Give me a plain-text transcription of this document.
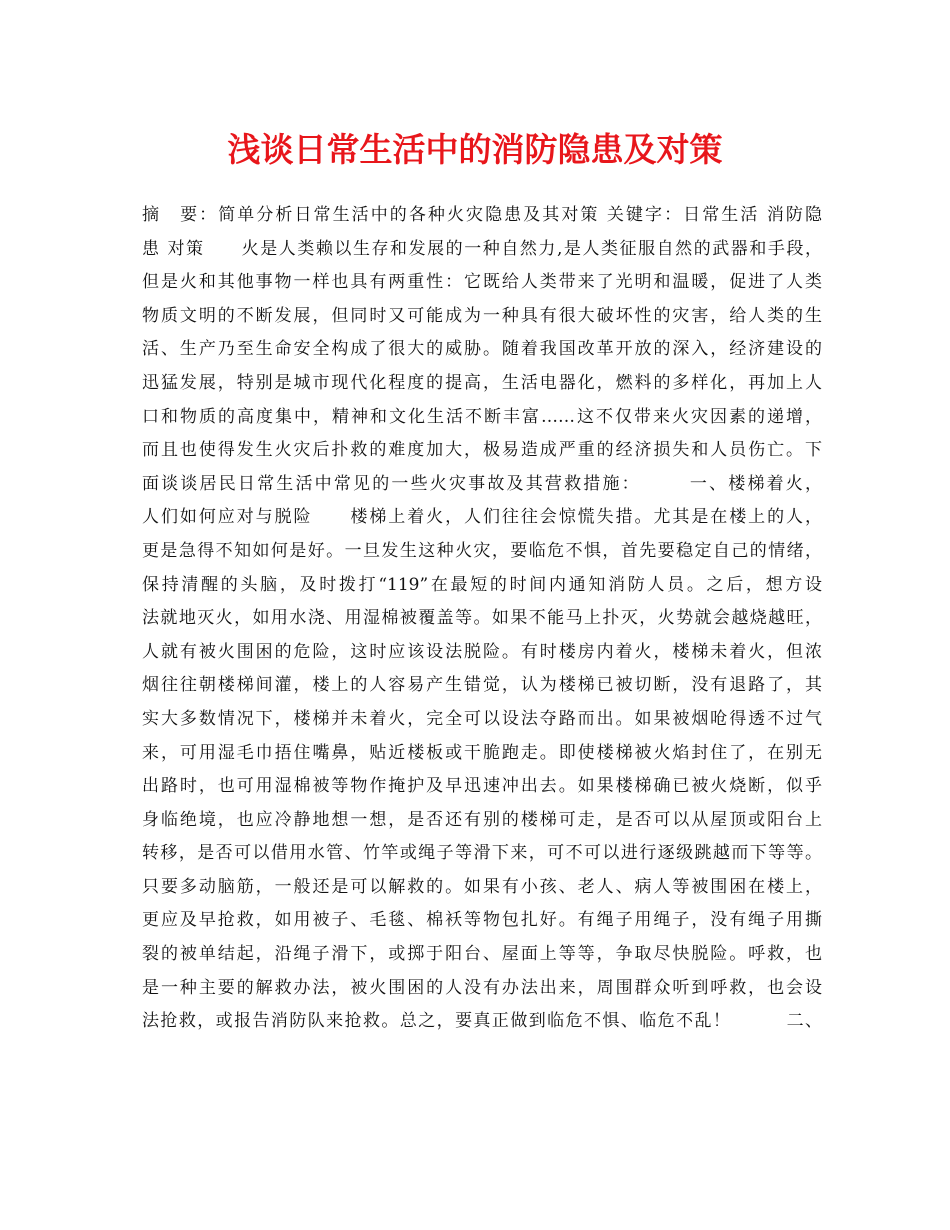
浅谈日常生活中的消防隐患及对策
摘　要：简单分析日常生活中的各种火灾隐患及其对策 关键字：日常生活 消防隐
患 对策　　火是人类赖以生存和发展的一种自然力,是人类征服自然的武器和手段，
但是火和其他事物一样也具有两重性：它既给人类带来了光明和温暖，促进了人类
物质文明的不断发展，但同时又可能成为一种具有很大破坏性的灾害，给人类的生
活、生产乃至生命安全构成了很大的威胁。随着我国改革开放的深入，经济建设的
迅猛发展，特别是城市现代化程度的提高，生活电器化，燃料的多样化，再加上人
口和物质的高度集中，精神和文化生活不断丰富……这不仅带来火灾因素的递增，
而且也使得发生火灾后扑救的难度加大，极易造成严重的经济损失和人员伤亡。下
面谈谈居民日常生活中常见的一些火灾事故及其营救措施：　　　一、楼梯着火，
人们如何应对与脱险　　楼梯上着火，人们往往会惊慌失措。尤其是在楼上的人，
更是急得不知如何是好。一旦发生这种火灾，要临危不惧，首先要稳定自己的情绪，
保持清醒的头脑，及时拨打“119”在最短的时间内通知消防人员。之后，想方设
法就地灭火，如用水浇、用湿棉被覆盖等。如果不能马上扑灭，火势就会越烧越旺，
人就有被火围困的危险，这时应该设法脱险。有时楼房内着火，楼梯未着火，但浓
烟往往朝楼梯间灌，楼上的人容易产生错觉，认为楼梯已被切断，没有退路了，其
实大多数情况下，楼梯并未着火，完全可以设法夺路而出。如果被烟呛得透不过气
来，可用湿毛巾捂住嘴鼻，贴近楼板或干脆跑走。即使楼梯被火焰封住了，在别无
出路时，也可用湿棉被等物作掩护及早迅速冲出去。如果楼梯确已被火烧断，似乎
身临绝境，也应冷静地想一想，是否还有别的楼梯可走，是否可以从屋顶或阳台上
转移，是否可以借用水管、竹竿或绳子等滑下来，可不可以进行逐级跳越而下等等。
只要多动脑筋，一般还是可以解救的。如果有小孩、老人、病人等被围困在楼上，
更应及早抢救，如用被子、毛毯、棉袄等物包扎好。有绳子用绳子，没有绳子用撕
裂的被单结起，沿绳子滑下，或掷于阳台、屋面上等等，争取尽快脱险。呼救，也
是一种主要的解救办法，被火围困的人没有办法出来，周围群众听到呼救，也会设
法抢救，或报告消防队来抢救。总之，要真正做到临危不惧、临危不乱！　　　二、
